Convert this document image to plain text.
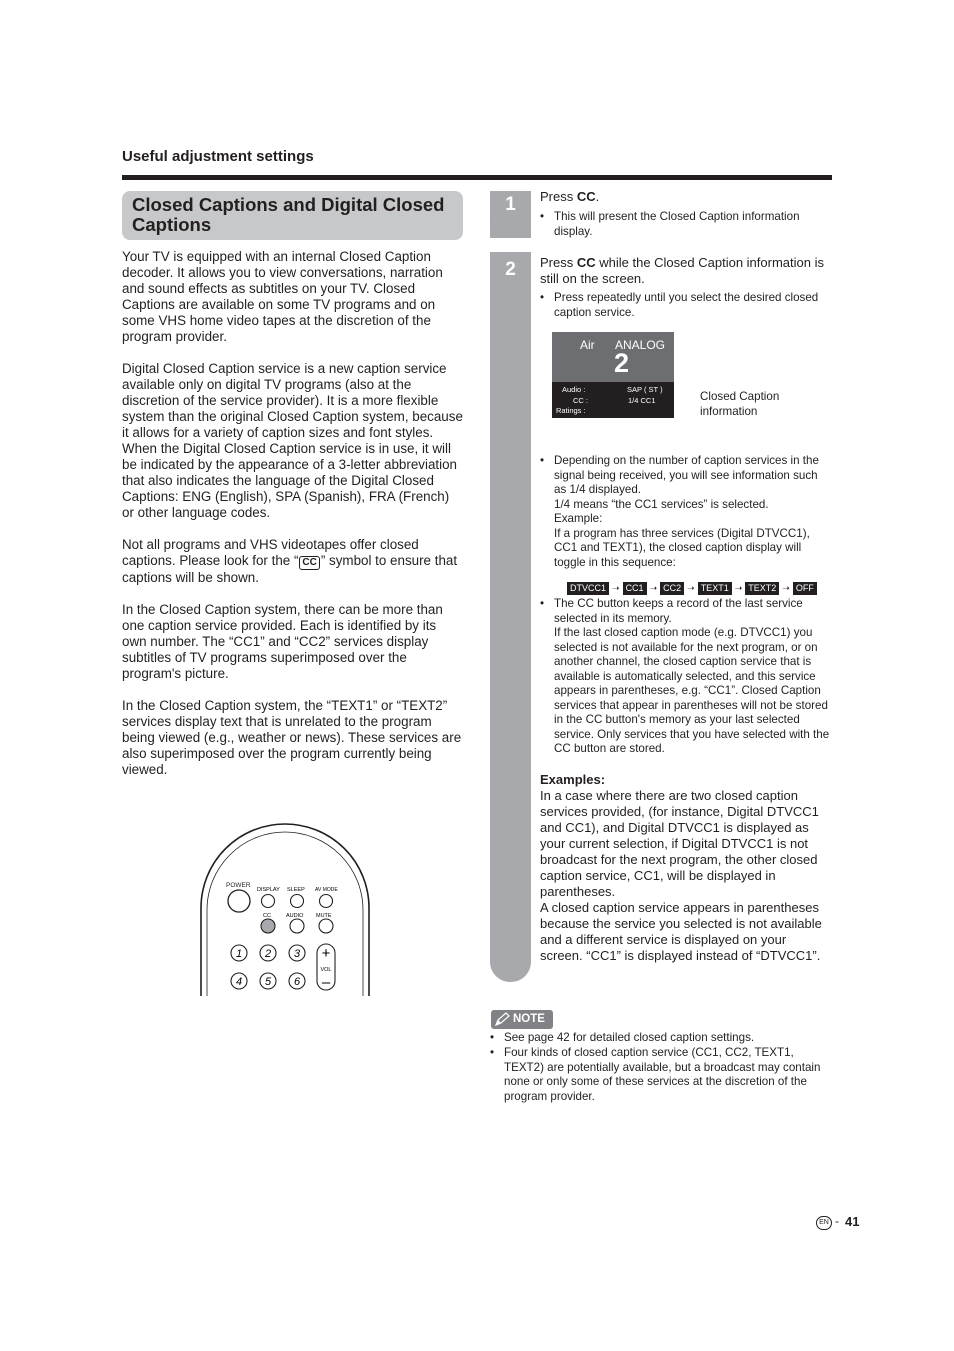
Useful adjustment settings
Closed Captions and Digital Closed Captions

Your TV is equipped with an internal Closed Caption decoder. It allows you to view conversations, narration and sound effects as subtitles on your TV. Closed Captions are available on some TV programs and on some VHS home video tapes at the discretion of the program provider.

Digital Closed Caption service is a new caption service available only on digital TV programs (also at the discretion of the service provider). It is a more flexible system than the original Closed Caption system, because it allows for a variety of caption sizes and font styles. When the Digital Closed Caption service is in use, it will be indicated by the appearance of a 3-letter abbreviation that also indicates the language of the Digital Closed Captions: ENG (English), SPA (Spanish), FRA (French) or other language codes.

Not all programs and VHS videotapes offer closed captions. Please look for the “ CC ” symbol to ensure that captions will be shown.

In the Closed Caption system, there can be more than one caption service provided. Each is identified by its own number. The “CC1” and “CC2” services display subtitles of TV programs superimposed over the program's picture.

In the Closed Caption system, the “TEXT1” or “TEXT2” services display text that is unrelated to the program being viewed (e.g., weather or news). These services are also superimposed over the program currently being viewed.

POWER
DISPLAY SLEEP AV MODE
CC	AUDIO MUTE
1 2 3
4 5 6
+
VOL
–
1
2
Press CC.
• This will present the Closed Caption information display.
Press CC while the Closed Caption information is still on the screen.
• Press repeatedly until you select the desired closed caption service.
Air ANALOG
2
Audio :	SAP ( ST )
CC :	1/4 CC1
Ratings :
Closed Caption information
• Depending on the number of caption services in the signal being received, you will see information such as 1/4 displayed.
1/4 means “the CC1 services” is selected.
Example:
If a program has three services (Digital DTVCC1), CC1 and TEXT1), the closed caption display will toggle in this sequence:
DTVCC1 ➝ CC1 ➝ CC2 ➝ TEXT1 ➝ TEXT2 ➝ OFF
• The CC button keeps a record of the last service selected in its memory.
If the last closed caption mode (e.g. DTVCC1) you selected is not available for the next program, or on another channel, the closed caption service that is available is automatically selected, and this service appears in parentheses, e.g. “CC1”. Closed Caption services that appear in parentheses will not be stored in the CC button's memory as your last selected service. Only services that you have selected with the CC button are stored.
Examples:
In a case where there are two closed caption services provided, (for instance, Digital DTVCC1 and CC1), and Digital DTVCC1 is displayed as your current selection, if Digital DTVCC1 is not broadcast for the next program, the other closed caption service, CC1, will be displayed in parentheses.
A closed caption service appears in parentheses because the service you selected is not available and a different service is displayed on your screen. “CC1” is displayed instead of “DTVCC1”.
NOTE
• See page 42 for detailed closed caption settings.
• Four kinds of closed caption service (CC1, CC2, TEXT1, TEXT2) are potentially available, but a broadcast may contain none or only some of these services at the discretion of the program provider.
EN - 41
